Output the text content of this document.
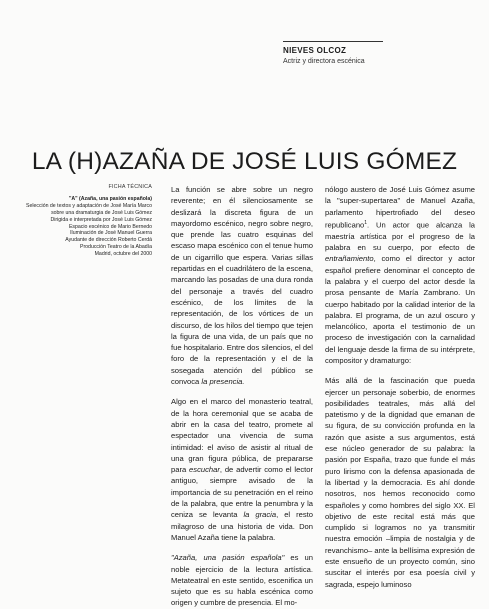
NIEVES OLCOZ
Actriz y directora escénica
LA (H)AZAÑA DE JOSÉ LUIS GÓMEZ
FICHA TÉCNICA

"A" (Azaña, una pasión española)

Selección de textos y adaptación de José María Marco

sobre una dramaturgia de José Luis Gómez

Dirigida e interpretada por José Luis Gómez

Espacio escénico de Mario Bernedo

Iluminación de José Manuel Guerra

Ayudante de dirección Roberto Cerdá

Producción Teatro de la Abadía

Madrid, octubre del 2000

La función se abre sobre un negro reverente; en él silenciosamente se deslizará la discreta figura de un mayordomo escénico, negro sobre negro, que prende las cuatro esquinas del escaso mapa escénico con el tenue humo de un cigarrillo que espera. Varias sillas repartidas en el cuadrilátero de la escena, marcando las posadas de una dura ronda del personaje a través del cuadro escénico, de los límites de la representación, de los vórtices de un discurso, de los hilos del tiempo que tejen la figura de una vida, de un país que no fue hospitalario. Entre dos silencios, el del foro de la representación y el de la sosegada atención del público se convoca la presencia.

Algo en el marco del monasterio teatral, de la hora ceremonial que se acaba de abrir en la casa del teatro, promete al espectador una vivencia de suma intimidad: el aviso de asistir al ritual de una gran figura pública, de prepararse para escuchar, de advertir como el lector antiguo, siempre avisado de la importancia de su penetración en el reino de la palabra, que entre la penumbra y la ceniza se levanta la gracia, el resto milagroso de una historia de vida. Don Manuel Azaña tiene la palabra.

"Azaña, una pasión española" es un noble ejercicio de la lectura artística. Metateatral en este sentido, escenifica un sujeto que es su habla escénica como origen y cumbre de presencia. El mo-

nólogo austero de José Luis Gómez asume la "super-supertarea" de Manuel Azaña, parlamento hipertrofiado del deseo republicano$^1$. Un actor que alcanza la maestría artística por el progreso de la palabra en su cuerpo, por efecto de entrañamiento, como el director y actor español prefiere denominar el concepto de la palabra y el cuerpo del actor desde la prosa pensante de María Zambrano. Un cuerpo habitado por la calidad interior de la palabra. El programa, de un azul oscuro y melancólico, aporta el testimonio de un proceso de investigación con la carnalidad del lenguaje desde la firma de su intérprete, compositor y dramaturgo:

Más allá de la fascinación que pueda ejercer un personaje soberbio, de enormes posibilidades teatrales, más allá del patetismo y de la dignidad que emanan de su figura, de su convicción profunda en la razón que asiste a sus argumentos, está ese núcleo generador de su palabra: la pasión por España, trazo que funde el más puro lirismo con la defensa apasionada de la libertad y la democracia. Es ahí donde nosotros, nos hemos reconocido como españoles y como hombres del siglo XX. El objetivo de este recital está más que cumplido si logramos no ya transmitir nuestra emoción –limpia de nostalgia y de revanchismo– ante la bellísima expresión de este ensueño de un proyecto común, sino suscitar el interés por esa poesía civil y sagrada, espejo luminoso
